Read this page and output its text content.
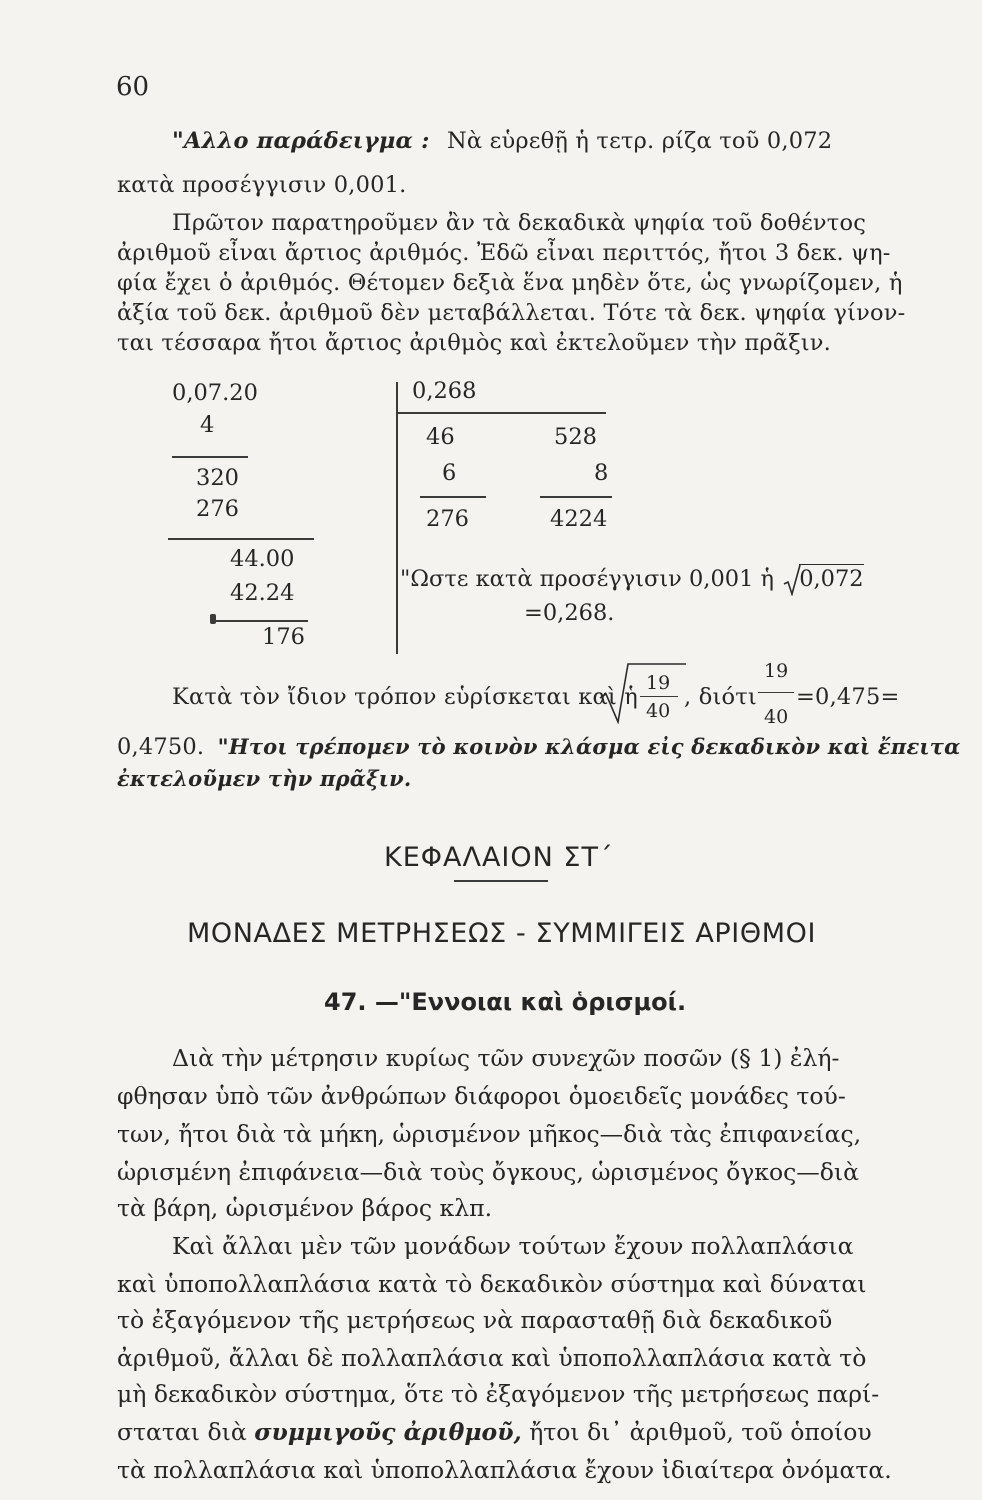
60
"Αλλο παράδειγμα : Νὰ εὑρεθῇ ἡ τετρ. ρίζα τοῦ 0,072
κατὰ προσέγγισιν 0,001.
Πρῶτον παρατηροῦμεν ἂν τὰ δεκαδικὰ ψηφία τοῦ δοθέντος
ἀριθμοῦ εἶναι ἄρτιος ἀριθμός. Ἐδῶ εἶναι περιττός, ἤτοι 3 δεκ. ψη-
φία ἔχει ὁ ἀριθμός. Θέτομεν δεξιὰ ἕνα μηδὲν ὅτε, ὡς γνωρίζομεν, ἡ
ἀξία τοῦ δεκ. ἀριθμοῦ δὲν μεταβάλλεται. Τότε τὰ δεκ. ψηφία γίνον-
ται τέσσαρα ἤτοι ἄρτιος ἀριθμὸς καὶ ἐκτελοῦμεν τὴν πρᾶξιν.
0,07.20
4
320
276
44.00
42.24
176
0,268
46
6
276
528
8
4224
"Ωστε κατὰ προσέγγισιν 0,001 ἡ 0,072
=0,268.
Κατὰ τὸν ἴδιον τρόπον εὑρίσκεται καὶ ἡ
19
40
, διότι
19
40
=0,475=
0,4750. "Ητοι τρέπομεν τὸ κοινὸν κλάσμα εἰς δεκαδικὸν καὶ ἔπειτα
ἐκτελοῦμεν τὴν πρᾶξιν.
ΚΕΦΑΛΑΙΟΝ ΣΤ΄
ΜΟΝΑΔΕΣ ΜΕΤΡΗΣΕΩΣ - ΣΥΜΜΙΓΕΙΣ ΑΡΙΘΜΟΙ
47. —"Εννοιαι καὶ ὁρισμοί.
Διὰ τὴν μέτρησιν κυρίως τῶν συνεχῶν ποσῶν (§ 1) ἐλή-
φθησαν ὑπὸ τῶν ἀνθρώπων διάφοροι ὁμοειδεῖς μονάδες τού-
των, ἤτοι διὰ τὰ μήκη, ὡρισμένον μῆκος—διὰ τὰς ἐπιφανείας,
ὡρισμένη ἐπιφάνεια—διὰ τοὺς ὄγκους, ὡρισμένος ὄγκος—διὰ
τὰ βάρη, ὡρισμένον βάρος κλπ.
Καὶ ἄλλαι μὲν τῶν μονάδων τούτων ἔχουν πολλαπλάσια
καὶ ὑποπολλαπλάσια κατὰ τὸ δεκαδικὸν σύστημα καὶ δύναται
τὸ ἐξαγόμενον τῆς μετρήσεως νὰ παρασταθῇ διὰ δεκαδικοῦ
ἀριθμοῦ, ἄλλαι δὲ πολλαπλάσια καὶ ὑποπολλαπλάσια κατὰ τὸ
μὴ δεκαδικὸν σύστημα, ὅτε τὸ ἐξαγόμενον τῆς μετρήσεως παρί-
σταται διὰ συμμιγοῦς ἀριθμοῦ, ἤτοι δι᾽ ἀριθμοῦ, τοῦ ὁποίου
τὰ πολλαπλάσια καὶ ὑποπολλαπλάσια ἔχουν ἰδιαίτερα ὀνόματα.
